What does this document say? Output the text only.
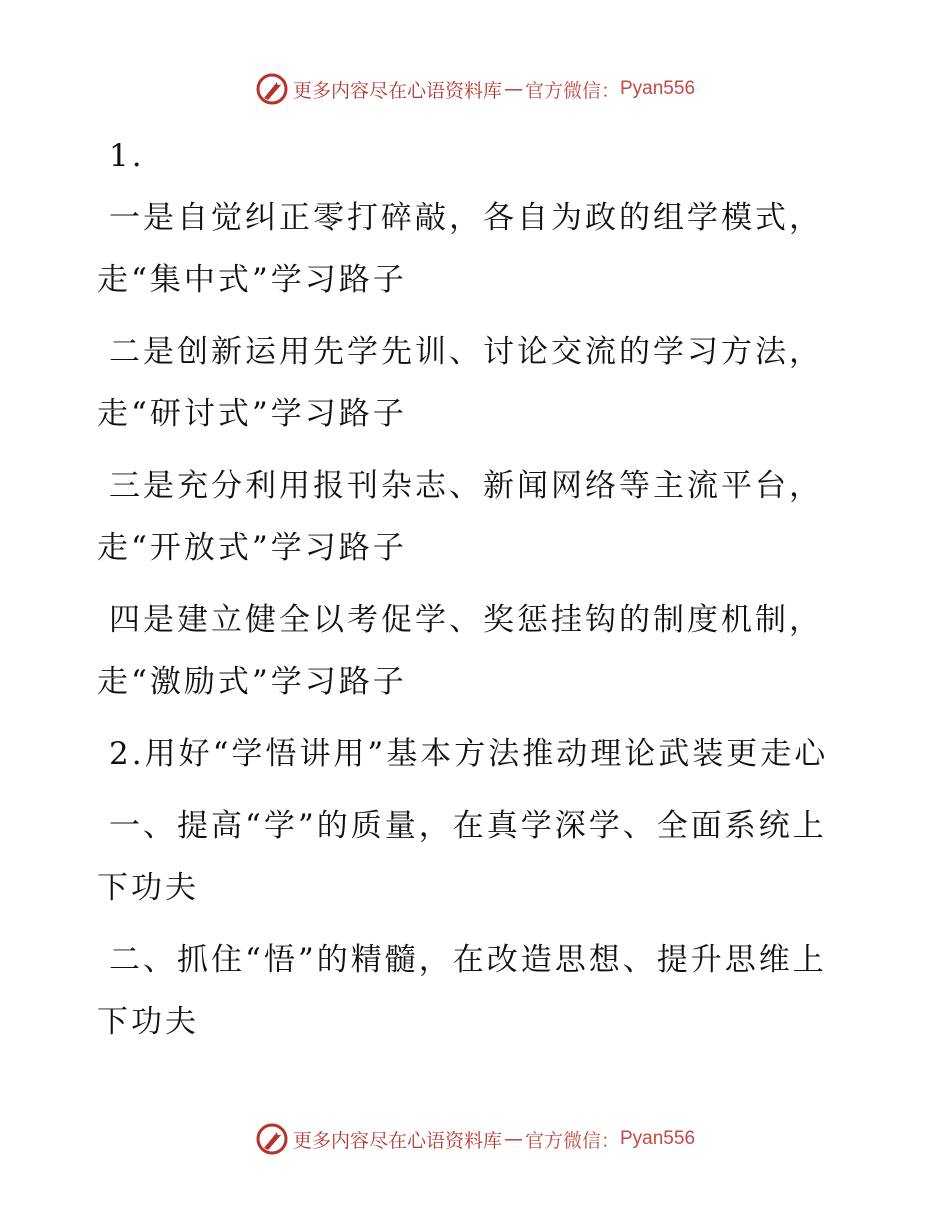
更多内容尽在心语资料库 — 官方微信： Pyan556

1.

一是自觉纠正零打碎敲，各自为政的组学模式，走“集中式”学习路子

二是创新运用先学先训、讨论交流的学习方法，走“研讨式”学习路子

三是充分利用报刊杂志、新闻网络等主流平台，走“开放式”学习路子

四是建立健全以考促学、奖惩挂钩的制度机制，走“激励式”学习路子

2.用好“学悟讲用”基本方法推动理论武装更走心

一、提高“学”的质量，在真学深学、全面系统上下功夫

二、抓住“悟”的精髓，在改造思想、提升思维上下功夫

更多内容尽在心语资料库 — 官方微信： Pyan556
